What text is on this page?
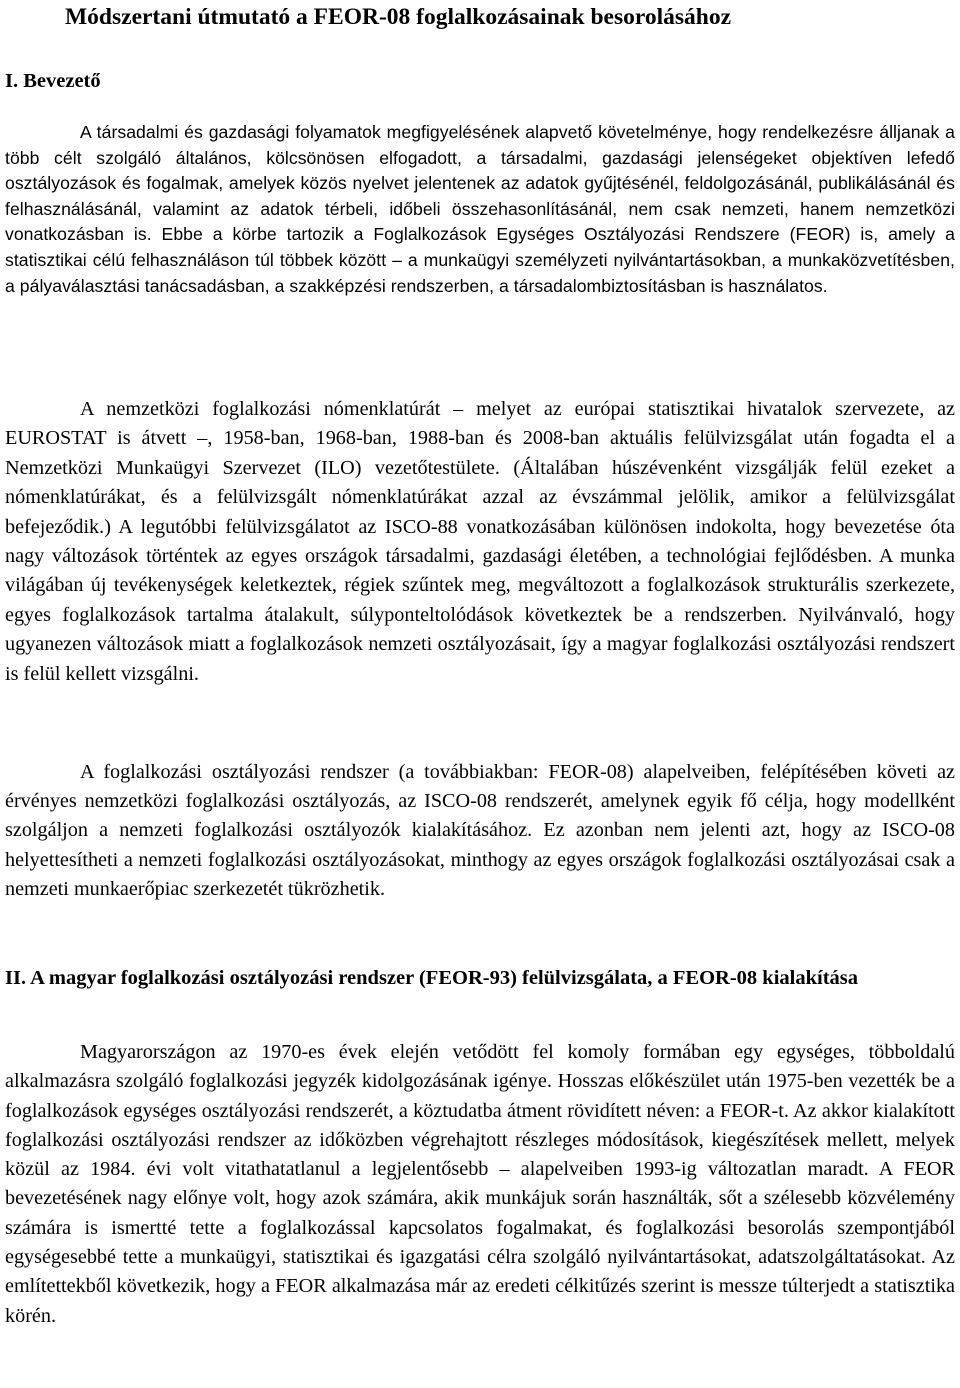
Módszertani útmutató a FEOR-08 foglalkozásainak besorolásához
I. Bevezető

A társadalmi és gazdasági folyamatok megfigyelésének alapvető követelménye, hogy rendelkezésre álljanak a több célt szolgáló általános, kölcsönösen elfogadott, a társadalmi, gazdasági jelenségeket objektíven lefedő osztályozások és fogalmak, amelyek közös nyelvet jelentenek az adatok gyűjtésénél, feldolgozásánál, publikálásánál és felhasználásánál, valamint az adatok térbeli, időbeli összehasonlításánál, nem csak nemzeti, hanem nemzetközi vonatkozásban is. Ebbe a körbe tartozik a Foglalkozások Egységes Osztályozási Rendszere (FEOR) is, amely a statisztikai célú felhasználáson túl többek között – a munkaügyi személyzeti nyilvántartásokban, a munkaközvetítésben, a pályaválasztási tanácsadásban, a szakképzési rendszerben, a társadalombiztosításban is használatos.

A nemzetközi foglalkozási nómenklatúrát – melyet az európai statisztikai hivatalok szervezete, az EUROSTAT is átvett –, 1958-ban, 1968-ban, 1988-ban és 2008-ban aktuális felülvizsgálat után fogadta el a Nemzetközi Munkaügyi Szervezet (ILO) vezetőtestülete. (Általában húszévenként vizsgálják felül ezeket a nómenklatúrákat, és a felülvizsgált nómenklatúrákat azzal az évszámmal jelölik, amikor a felülvizsgálat befejeződik.) A legutóbbi felülvizsgálatot az ISCO-88 vonatkozásában különösen indokolta, hogy bevezetése óta nagy változások történtek az egyes országok társadalmi, gazdasági életében, a technológiai fejlődésben. A munka világában új tevékenységek keletkeztek, régiek szűntek meg, megváltozott a foglalkozások strukturális szerkezete, egyes foglalkozások tartalma átalakult, súlyponteltolódások következtek be a rendszerben. Nyilvánvaló, hogy ugyanezen változások miatt a foglalkozások nemzeti osztályozásait, így a magyar foglalkozási osztályozási rendszert is felül kellett vizsgálni.

A foglalkozási osztályozási rendszer (a továbbiakban: FEOR-08) alapelveiben, felépítésében követi az érvényes nemzetközi foglalkozási osztályozás, az ISCO-08 rendszerét, amelynek egyik fő célja, hogy modellként szolgáljon a nemzeti foglalkozási osztályozók kialakításához. Ez azonban nem jelenti azt, hogy az ISCO-08 helyettesítheti a nemzeti foglalkozási osztályozásokat, minthogy az egyes országok foglalkozási osztályozásai csak a nemzeti munkaerőpiac szerkezetét tükrözhetik.

II. A magyar foglalkozási osztályozási rendszer (FEOR-93) felülvizsgálata, a FEOR-08 kialakítása

Magyarországon az 1970-es évek elején vetődött fel komoly formában egy egységes, többoldalú alkalmazásra szolgáló foglalkozási jegyzék kidolgozásának igénye. Hosszas előkészület után 1975-ben vezették be a foglalkozások egységes osztályozási rendszerét, a köztudatba átment rövidített néven: a FEOR-t. Az akkor kialakított foglalkozási osztályozási rendszer az időközben végrehajtott részleges módosítások, kiegészítések mellett, melyek közül az 1984. évi volt vitathatatlanul a legjelentősebb – alapelveiben 1993-ig változatlan maradt. A FEOR bevezetésének nagy előnye volt, hogy azok számára, akik munkájuk során használták, sőt a szélesebb közvélemény számára is ismertté tette a foglalkozással kapcsolatos fogalmakat, és foglalkozási besorolás szempontjából egységesebbé tette a munkaügyi, statisztikai és igazgatási célra szolgáló nyilvántartásokat, adatszolgáltatásokat. Az említettekből következik, hogy a FEOR alkalmazása már az eredeti célkitűzés szerint is messze túlterjedt a statisztika körén.
